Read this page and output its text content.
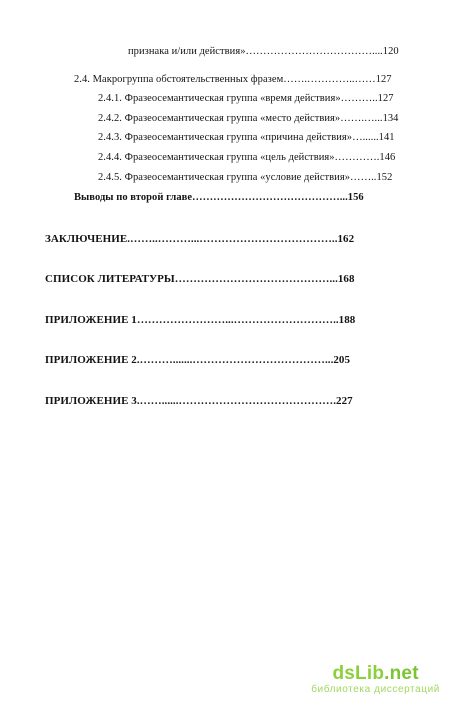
признака и/или действия»………………………………....120
2.4. Макрогруппа обстоятельственных фразем…….…………..……127
2.4.1. Фразеосемантическая группа «время действия»………..127
2.4.2. Фразеосемантическая группа «место действия»…….…...134
2.4.3. Фразеосемантическая группа «причина действия»…......141
2.4.4. Фразеосемантическая группа «цель действия»………….146
2.4.5. Фразеосемантическая группа «условие действия»……..152
Выводы по второй главе……………………………………...156
ЗАКЛЮЧЕНИЕ.……..………...………………………………..162
СПИСОК ЛИТЕРАТУРЫ……………………………………...168
ПРИЛОЖЕНИЕ 1……………………...………………………..188
ПРИЛОЖЕНИЕ 2.……….......………………………………...205
ПРИЛОЖЕНИЕ 3.……......…………………………………….227
dsLib.net
библиотека диссертаций
